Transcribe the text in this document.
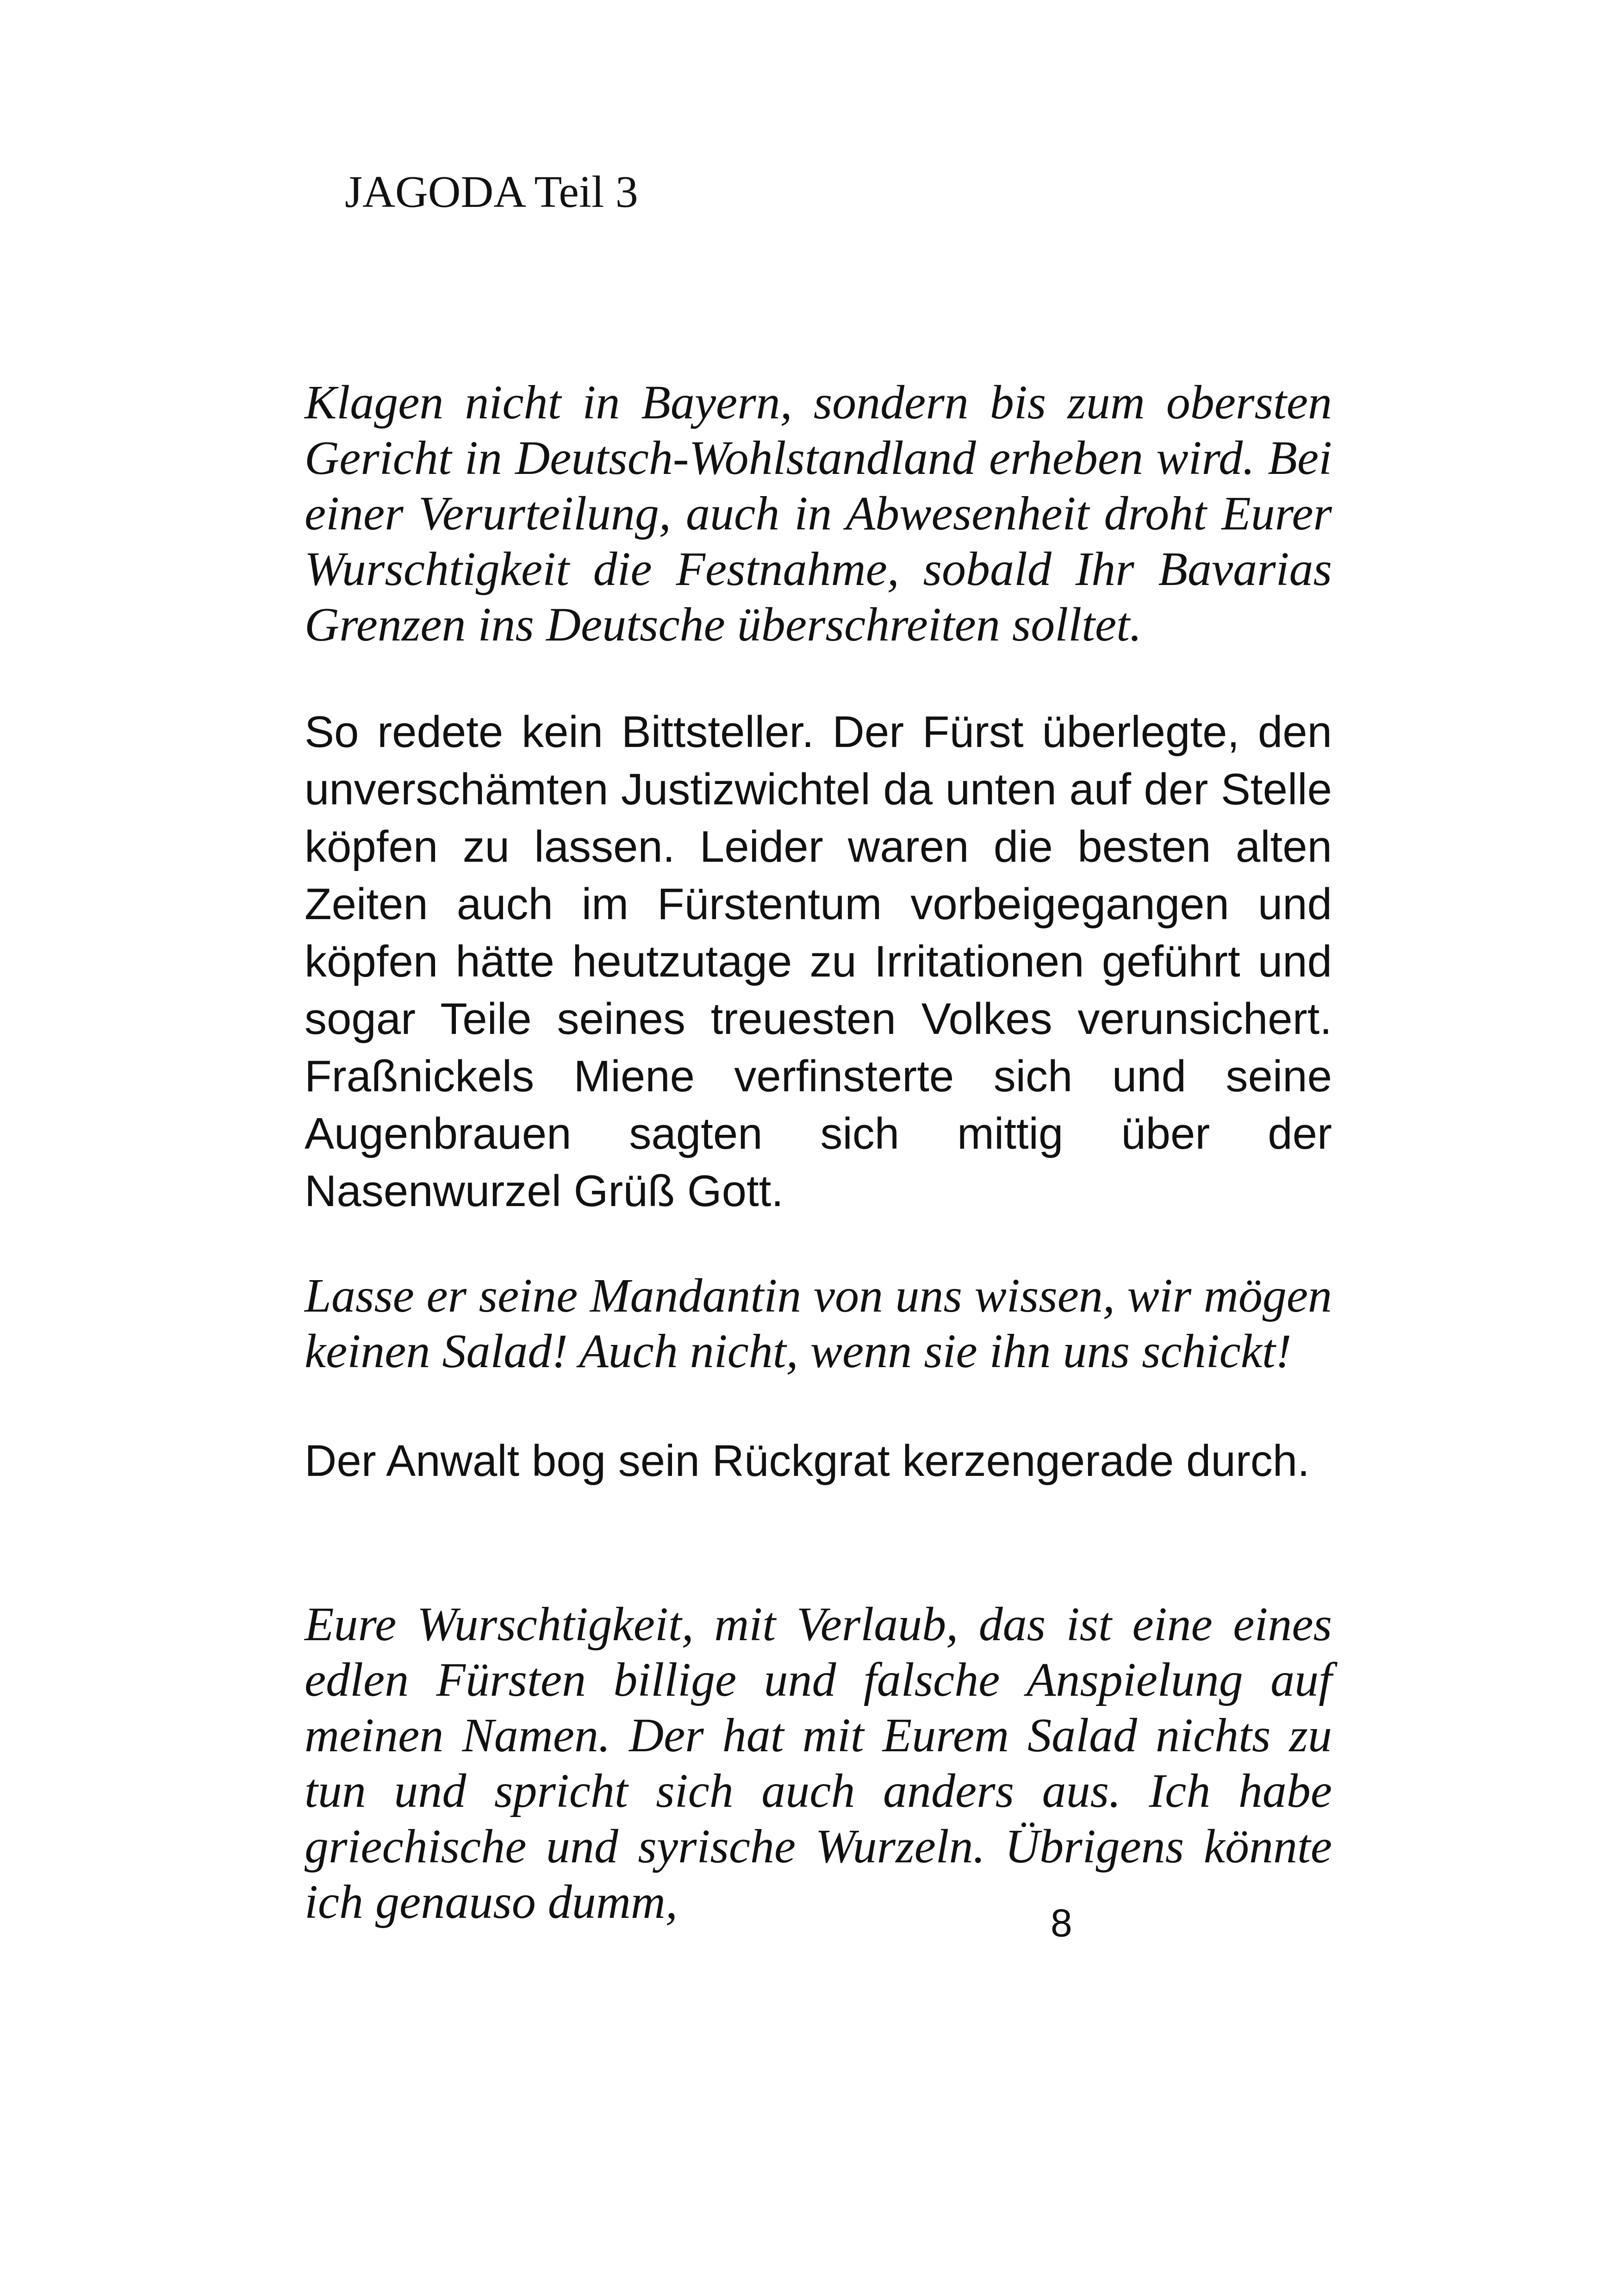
JAGODA Teil 3

Klagen nicht in Bayern, sondern bis zum obersten Gericht in Deutsch-Wohlstandland erheben wird. Bei einer Verurteilung, auch in Abwesenheit droht Eurer Wurschtigkeit die Festnahme, sobald Ihr Bavarias Grenzen ins Deutsche überschreiten solltet.

So redete kein Bittsteller. Der Fürst überlegte, den unverschämten Justizwichtel da unten auf der Stelle köpfen zu lassen. Leider waren die besten alten Zeiten auch im Fürstentum vorbeigegangen und köpfen hätte heutzutage zu Irritationen geführt und sogar Teile seines treuesten Volkes verunsichert. Fraßnickels Miene verfinsterte sich und seine Augenbrauen sagten sich mittig über der Nasenwurzel Grüß Gott.

Lasse er seine Mandantin von uns wissen, wir mögen keinen Salad! Auch nicht, wenn sie ihn uns schickt!

Der Anwalt bog sein Rückgrat kerzengerade durch.

Eure Wurschtigkeit, mit Verlaub, das ist eine eines edlen Fürsten billige und falsche Anspielung auf meinen Namen. Der hat mit Eurem Salad nichts zu tun und spricht sich auch anders aus. Ich habe griechische und syrische Wurzeln. Übrigens könnte ich genauso dumm,	8
